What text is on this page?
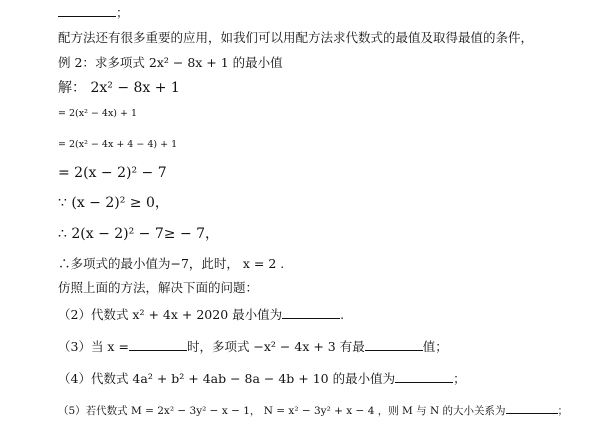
；
配方法还有很多重要的应用，如我们可以用配方法求代数式的最值及取得最值的条件，
例 2：求多项式 2x² − 8x + 1 的最小值
解： 2x² − 8x + 1
= 2(x² − 4x) + 1
= 2(x² − 4x + 4 − 4) + 1
= 2(x − 2)² − 7
∵ (x − 2)² ≥ 0，
∴ 2(x − 2)² − 7≥ − 7，
∴多项式的最小值为−7，此时， x = 2 .
仿照上面的方法，解决下面的问题：
（2）代数式 x² + 4x + 2020 最小值为	.
（3）当 x =	时，多项式 −x² − 4x + 3 有最	值；
（4）代数式 4a² + b² + 4ab − 8a − 4b + 10 的最小值为	；
（5）若代数式 M = 2x² − 3y² − x − 1， N = x² − 3y² + x − 4 ，则 M 与 N 的大小关系为	；
